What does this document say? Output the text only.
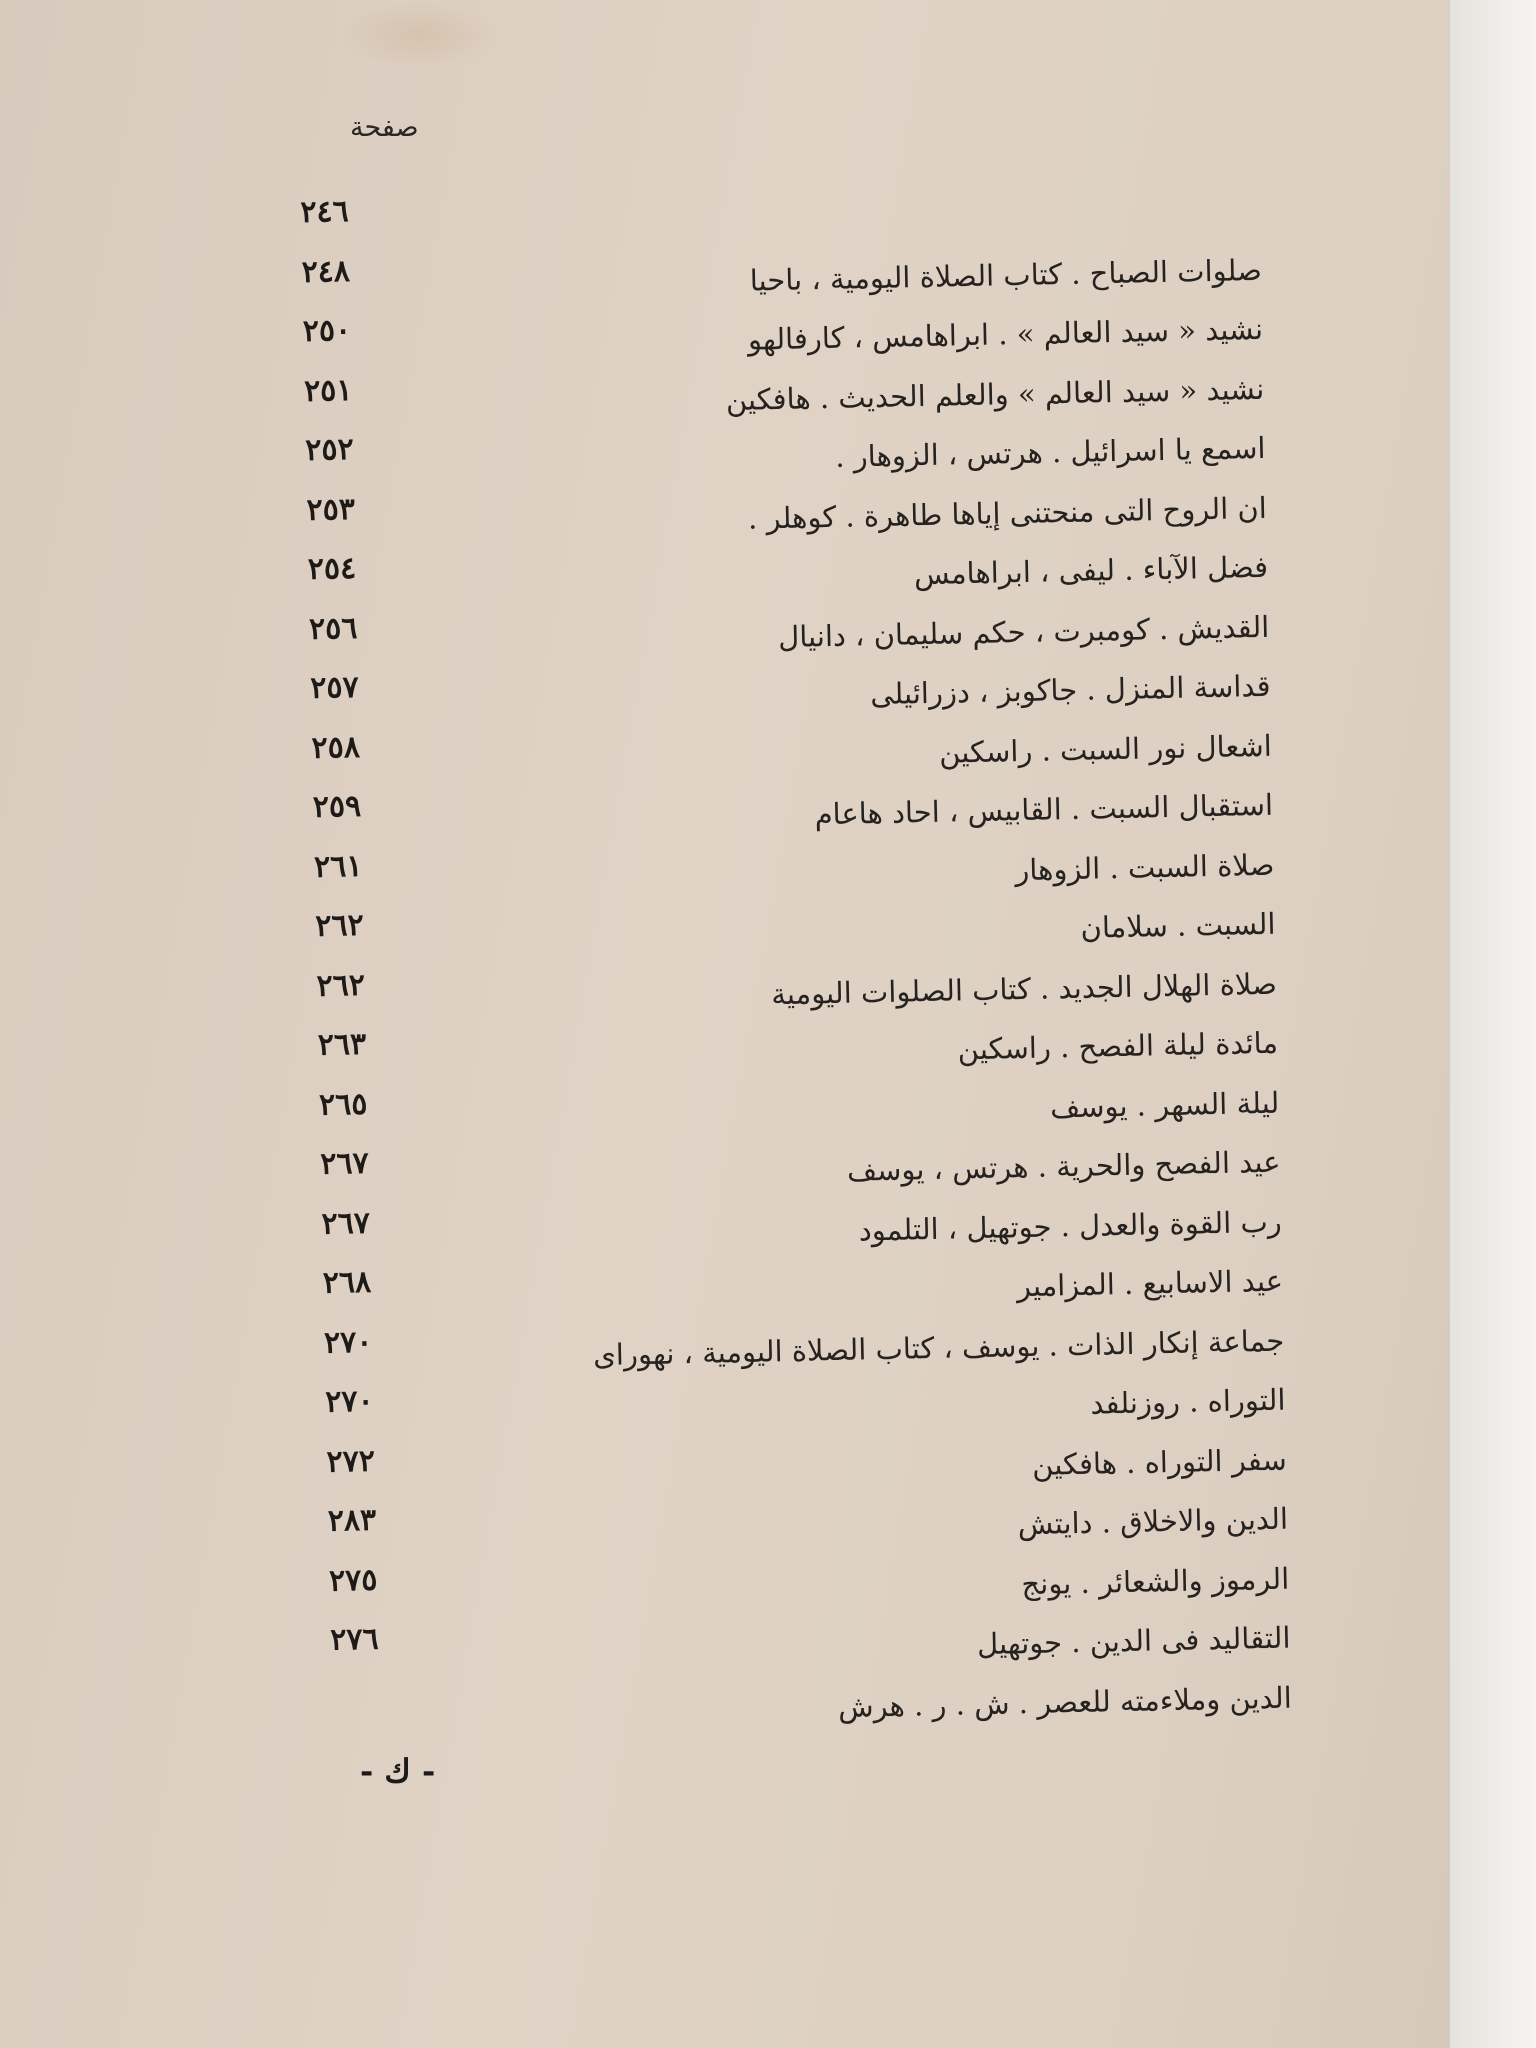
صفحة
٢٤٦
٢٤٨	صلوات الصباح . كتاب الصلاة اليومية ، باحيا
٢٥٠	نشيد « سيد العالم » . ابراهامس ، كارفالهو
٢٥١	نشيد « سيد العالم » والعلم الحديث . هافكين
٢٥٢	اسمع يا اسرائيل . هرتس ، الزوهار .
٢٥٣	ان الروح التى منحتنى إياها طاهرة . كوهلر .
٢٥٤	فضل الآباء . ليفى ، ابراهامس
٢٥٦	القديش . كومبرت ، حكم سليمان ، دانيال
٢٥٧	قداسة المنزل . جاكوبز ، دزرائيلى
٢٥٨	اشعال نور السبت . راسكين
٢٥٩	استقبال السبت . القابيس ، احاد هاعام
٢٦١	صلاة السبت . الزوهار
٢٦٢	السبت . سلامان
٢٦٢	صلاة الهلال الجديد . كتاب الصلوات اليومية
٢٦٣	مائدة ليلة الفصح . راسكين
٢٦٥	ليلة السهر . يوسف
٢٦٧	عيد الفصح والحرية . هرتس ، يوسف
٢٦٧	رب القوة والعدل . جوتهيل ، التلمود
٢٦٨	عيد الاسابيع . المزامير
٢٧٠	جماعة إنكار الذات . يوسف ، كتاب الصلاة اليومية ، نهوراى
٢٧٠	التوراه . روزنلفد
٢٧٢	سفر التوراه . هافكين
٢٨٣	الدين والاخلاق . دايتش
٢٧٥	الرموز والشعائر . يونج
٢٧٦	التقاليد فى الدين . جوتهيل
الدين وملاءمته للعصر . ش . ر . هرش
- ك -
